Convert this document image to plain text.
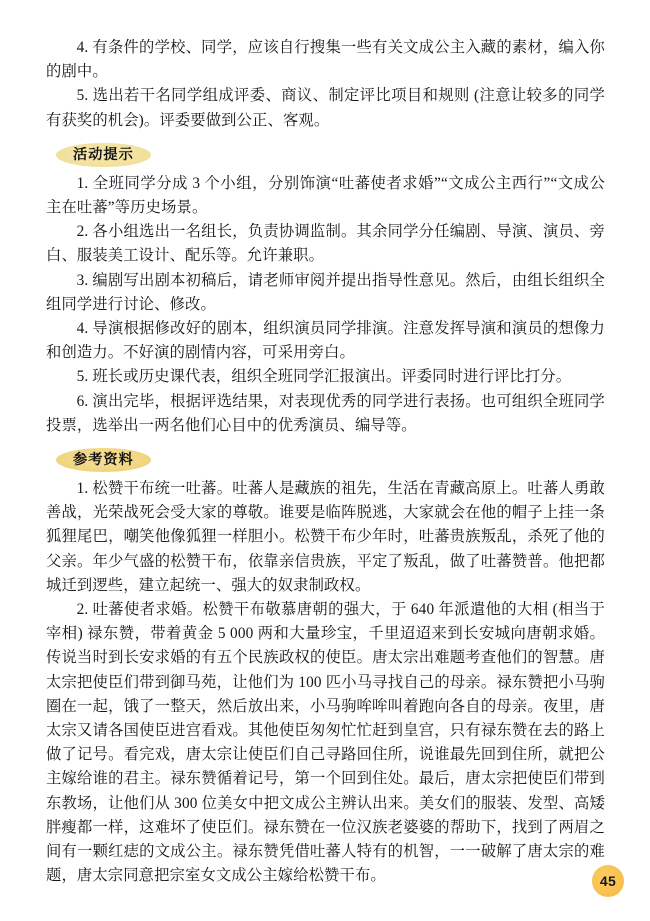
4. 有条件的学校、同学，应该自行搜集一些有关文成公主入藏的素材，编入你的剧中。

5. 选出若干名同学组成评委、商议、制定评比项目和规则 (注意让较多的同学有获奖的机会)。评委要做到公正、客观。

活动提示

1. 全班同学分成 3 个小组，分别饰演“吐蕃使者求婚”“文成公主西行”“文成公主在吐蕃”等历史场景。

2. 各小组选出一名组长，负责协调监制。其余同学分任编剧、导演、演员、旁白、服装美工设计、配乐等。允许兼职。

3. 编剧写出剧本初稿后，请老师审阅并提出指导性意见。然后，由组长组织全组同学进行讨论、修改。

4. 导演根据修改好的剧本，组织演员同学排演。注意发挥导演和演员的想像力和创造力。不好演的剧情内容，可采用旁白。

5. 班长或历史课代表，组织全班同学汇报演出。评委同时进行评比打分。

6. 演出完毕，根据评选结果，对表现优秀的同学进行表扬。也可组织全班同学投票，选举出一两名他们心目中的优秀演员、编导等。

参考资料

1. 松赞干布统一吐蕃。吐蕃人是藏族的祖先，生活在青藏高原上。吐蕃人勇敢善战，光荣战死会受大家的尊敬。谁要是临阵脱逃，大家就会在他的帽子上挂一条狐狸尾巴，嘲笑他像狐狸一样胆小。松赞干布少年时，吐蕃贵族叛乱，杀死了他的父亲。年少气盛的松赞干布，依靠亲信贵族，平定了叛乱，做了吐蕃赞普。他把都城迁到逻些，建立起统一、强大的奴隶制政权。

2. 吐蕃使者求婚。松赞干布敬慕唐朝的强大，于 640 年派遣他的大相 (相当于宰相) 禄东赞，带着黄金 5 000 两和大量珍宝，千里迢迢来到长安城向唐朝求婚。传说当时到长安求婚的有五个民族政权的使臣。唐太宗出难题考查他们的智慧。唐太宗把使臣们带到御马苑，让他们为 100 匹小马寻找自己的母亲。禄东赞把小马驹圈在一起，饿了一整天，然后放出来，小马驹哞哞叫着跑向各自的母亲。夜里，唐太宗又请各国使臣进宫看戏。其他使臣匆匆忙忙赶到皇宫，只有禄东赞在去的路上做了记号。看完戏，唐太宗让使臣们自己寻路回住所，说谁最先回到住所，就把公主嫁给谁的君主。禄东赞循着记号，第一个回到住处。最后，唐太宗把使臣们带到东教场，让他们从 300 位美女中把文成公主辨认出来。美女们的服装、发型、高矮胖瘦都一样，这难坏了使臣们。禄东赞在一位汉族老婆婆的帮助下，找到了两眉之间有一颗红痣的文成公主。禄东赞凭借吐蕃人特有的机智，一一破解了唐太宗的难题，唐太宗同意把宗室女文成公主嫁给松赞干布。	45
